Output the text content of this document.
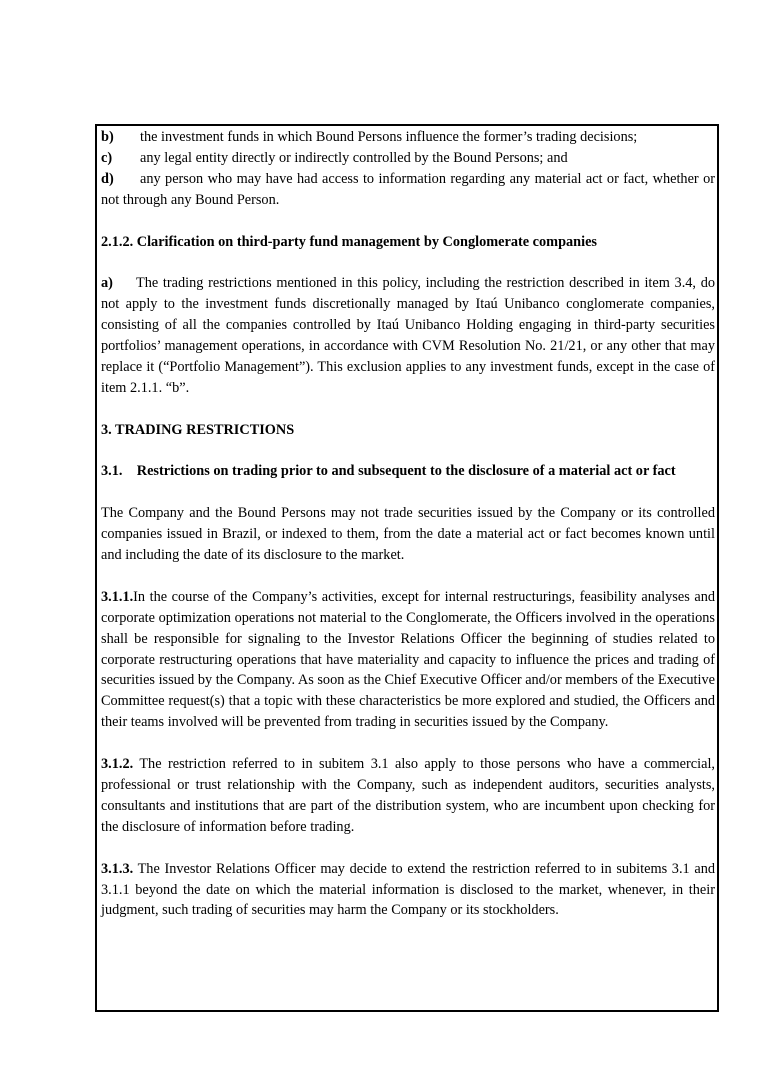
b)	the investment funds in which Bound Persons influence the former’s trading decisions;
c)	any legal entity directly or indirectly controlled by the Bound Persons; and

d) any person who may have had access to information regarding any material act or fact, whether or not through any Bound Person.

2.1.2. Clarification on third-party fund management by Conglomerate companies

a) The trading restrictions mentioned in this policy, including the restriction described in item 3.4, do not apply to the investment funds discretionally managed by Itaú Unibanco conglomerate companies, consisting of all the companies controlled by Itaú Unibanco Holding engaging in third-party securities portfolios’ management operations, in accordance with CVM Resolution No. 21/21, or any other that may replace it (“Portfolio Management”). This exclusion applies to any investment funds, except in the case of item 2.1.1. “b”.

3. TRADING RESTRICTIONS

3.1. Restrictions on trading prior to and subsequent to the disclosure of a material act or fact

The Company and the Bound Persons may not trade securities issued by the Company or its controlled companies issued in Brazil, or indexed to them, from the date a material act or fact becomes known until and including the date of its disclosure to the market.

3.1.1.In the course of the Company’s activities, except for internal restructurings, feasibility analyses and corporate optimization operations not material to the Conglomerate, the Officers involved in the operations shall be responsible for signaling to the Investor Relations Officer the beginning of studies related to corporate restructuring operations that have materiality and capacity to influence the prices and trading of securities issued by the Company. As soon as the Chief Executive Officer and/or members of the Executive Committee request(s) that a topic with these characteristics be more explored and studied, the Officers and their teams involved will be prevented from trading in securities issued by the Company.

3.1.2. The restriction referred to in subitem 3.1 also apply to those persons who have a commercial, professional or trust relationship with the Company, such as independent auditors, securities analysts, consultants and institutions that are part of the distribution system, who are incumbent upon checking for the disclosure of information before trading.

3.1.3. The Investor Relations Officer may decide to extend the restriction referred to in subitems 3.1 and 3.1.1 beyond the date on which the material information is disclosed to the market, whenever, in their judgment, such trading of securities may harm the Company or its stockholders.
